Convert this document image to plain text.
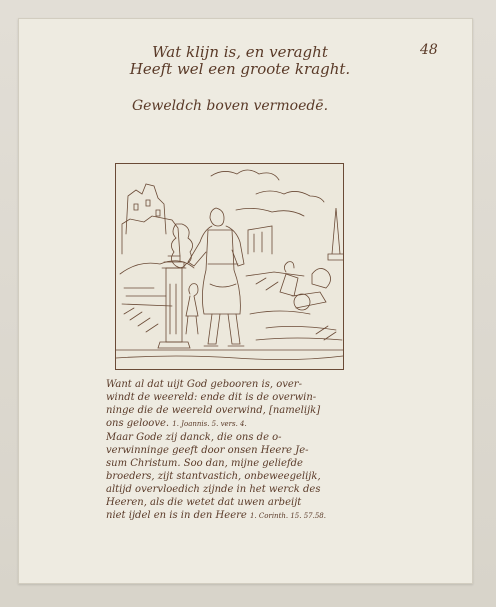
48
Wat klijn is, en veraght
Heeft wel een groote kraght.
Geweldch boven vermoedē.
Want al dat uijt God gebooren is, over-
windt de weereld: ende dit is de overwin-
ninge die de weereld overwind, [namelijk]
ons geloove. 1. Joannis. 5. vers. 4.
Maar Gode zij danck, die ons de o-
verwinninge geeft door onsen Heere Je-
sum Christum. Soo dan, mijne geliefde
broeders, zijt stantvastich, onbeweegelijk,
altijd overvloedich zijnde in het werck des
Heeren, als die wetet dat uwen arbeijt
niet ijdel en is in den Heere 1. Corinth. 15. 57.58.
